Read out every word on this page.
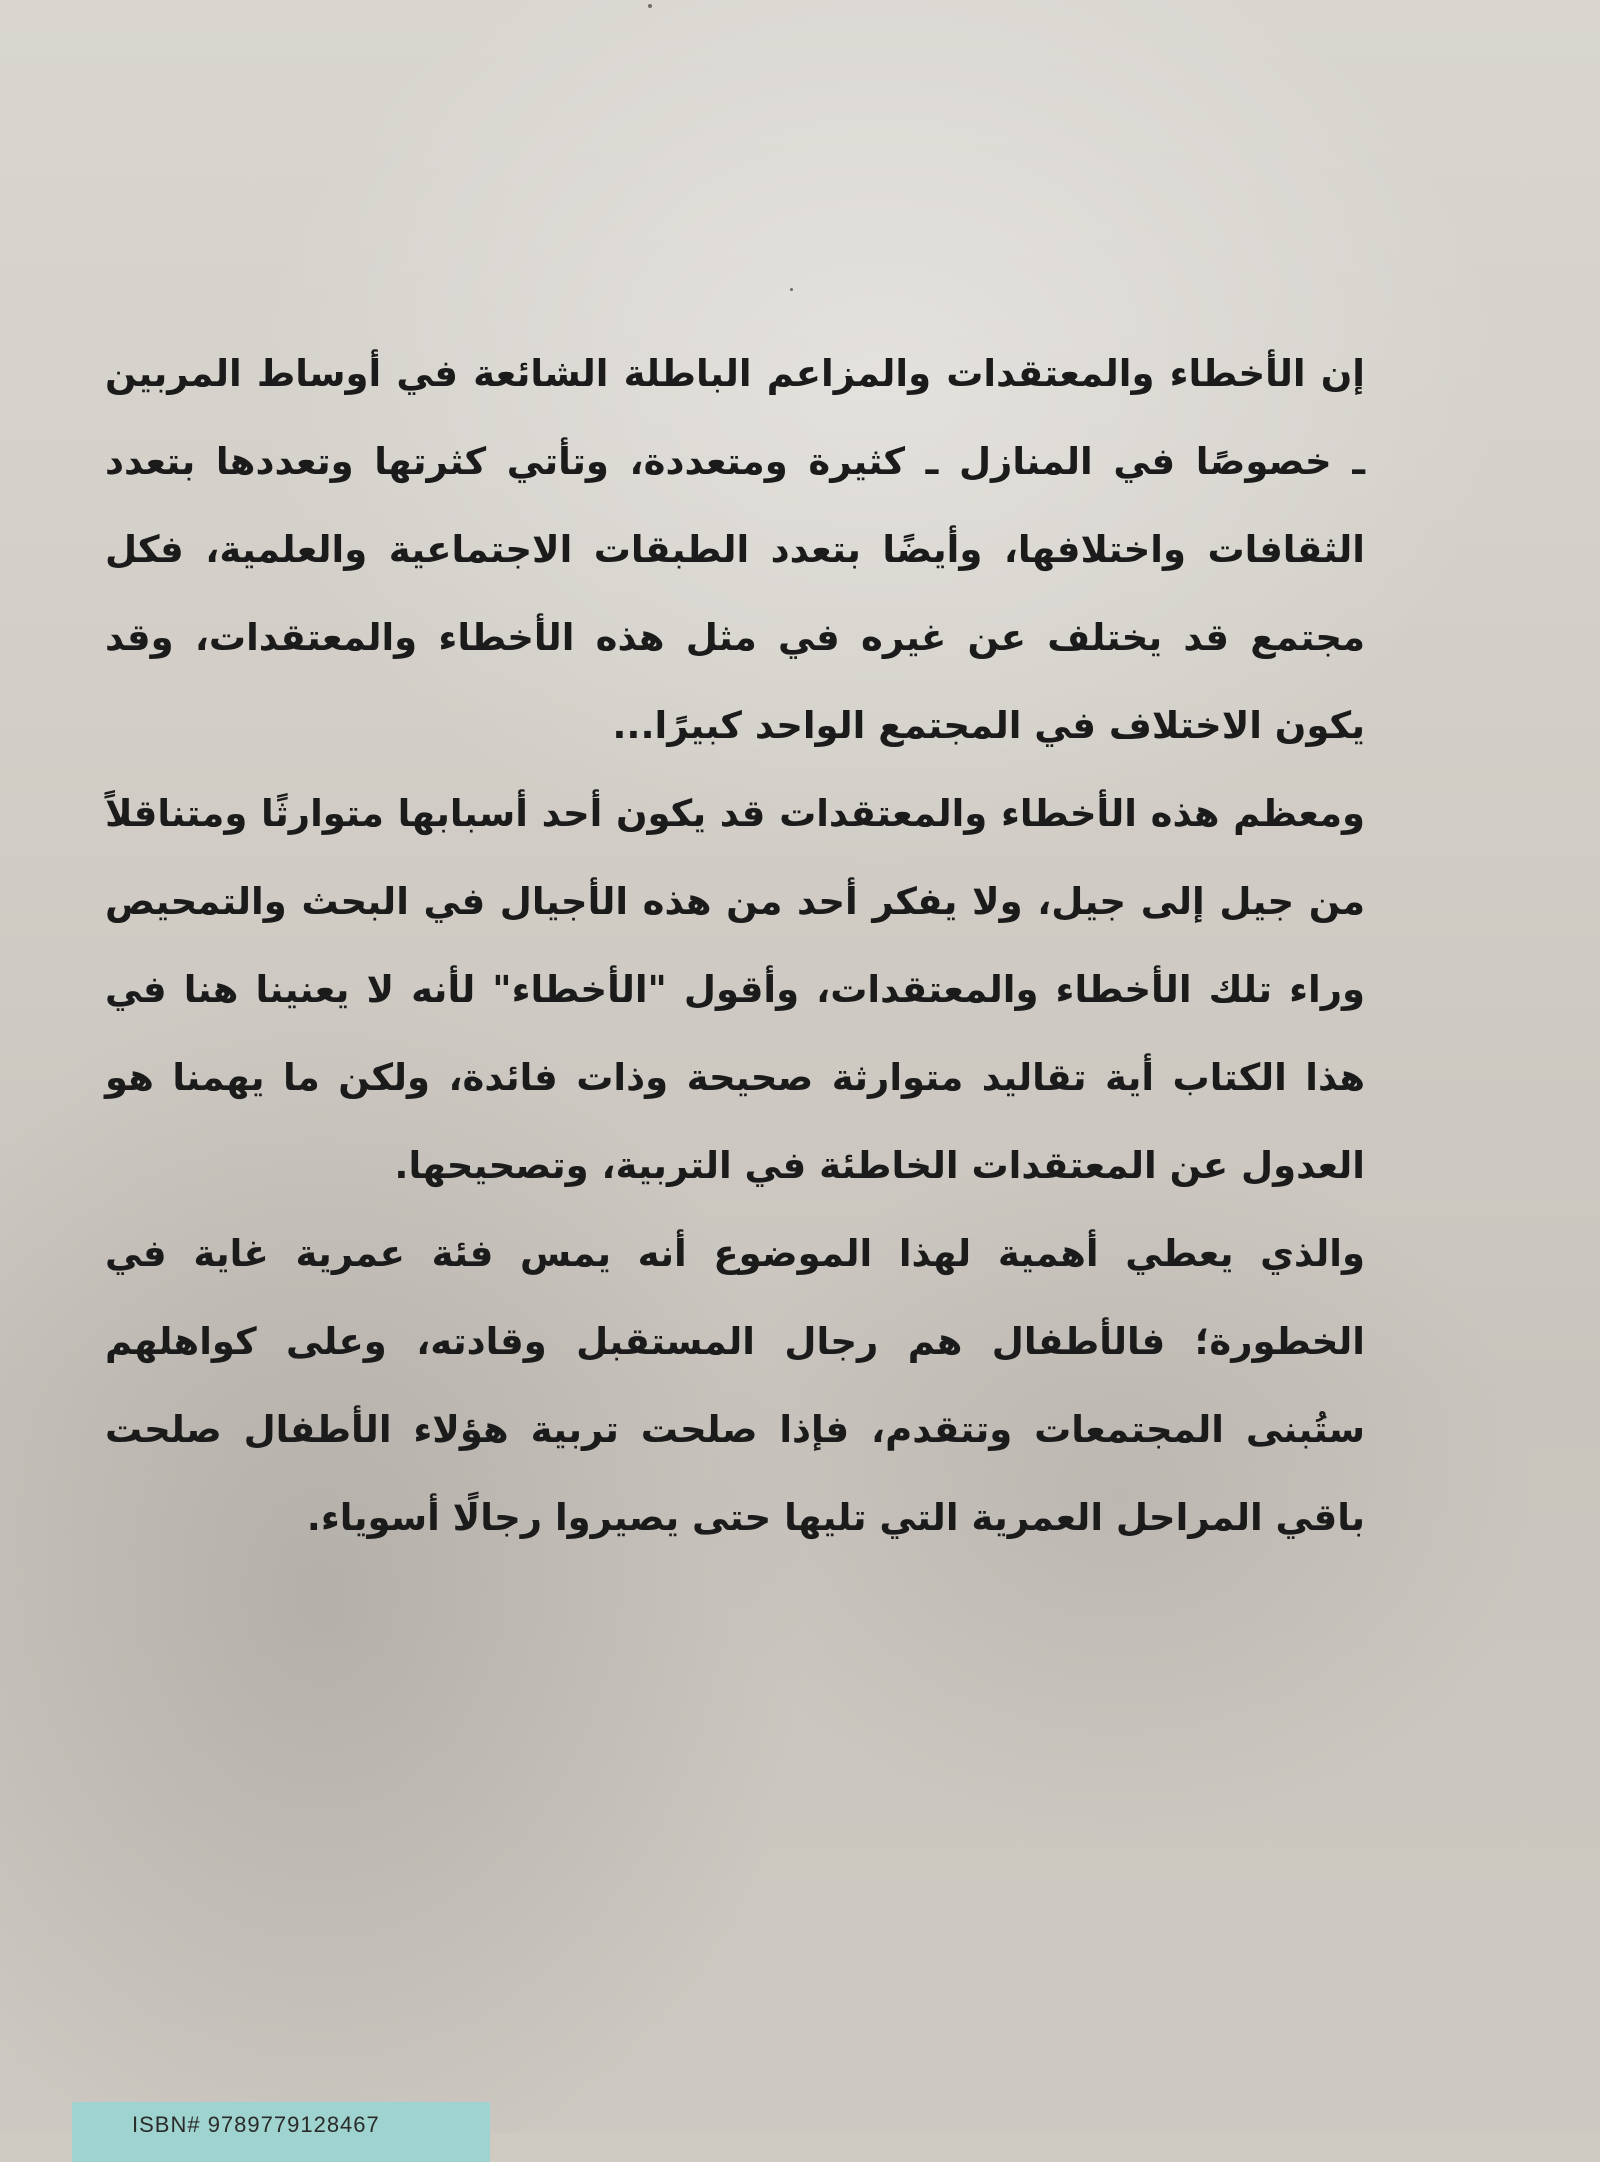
إن الأخطاء والمعتقدات والمزاعم الباطلة الشائعة في أوساط المربين ـ خصوصًا في المنازل ـ كثيرة ومتعددة، وتأتي كثرتها وتعددها بتعدد الثقافات واختلافها، وأيضًا بتعدد الطبقات الاجتماعية والعلمية، فكل مجتمع قد يختلف عن غيره في مثل هذه الأخطاء والمعتقدات، وقد يكون الاختلاف في المجتمع الواحد كبيرًا...

ومعظم هذه الأخطاء والمعتقدات قد يكون أحد أسبابها متوارثًا ومتناقلاً من جيل إلى جيل، ولا يفكر أحد من هذه الأجيال في البحث والتمحيص وراء تلك الأخطاء والمعتقدات، وأقول "الأخطاء" لأنه لا يعنينا هنا في هذا الكتاب أية تقاليد متوارثة صحيحة وذات فائدة، ولكن ما يهمنا هو العدول عن المعتقدات الخاطئة في التربية، وتصحيحها.

والذي يعطي أهمية لهذا الموضوع أنه يمس فئة عمرية غاية في الخطورة؛ فالأطفال هم رجال المستقبل وقادته، وعلى كواهلهم ستُبنى المجتمعات وتتقدم، فإذا صلحت تربية هؤلاء الأطفال صلحت باقي المراحل العمرية التي تليها حتى يصيروا رجالًا أسوياء.

ISBN# 9789779128467
